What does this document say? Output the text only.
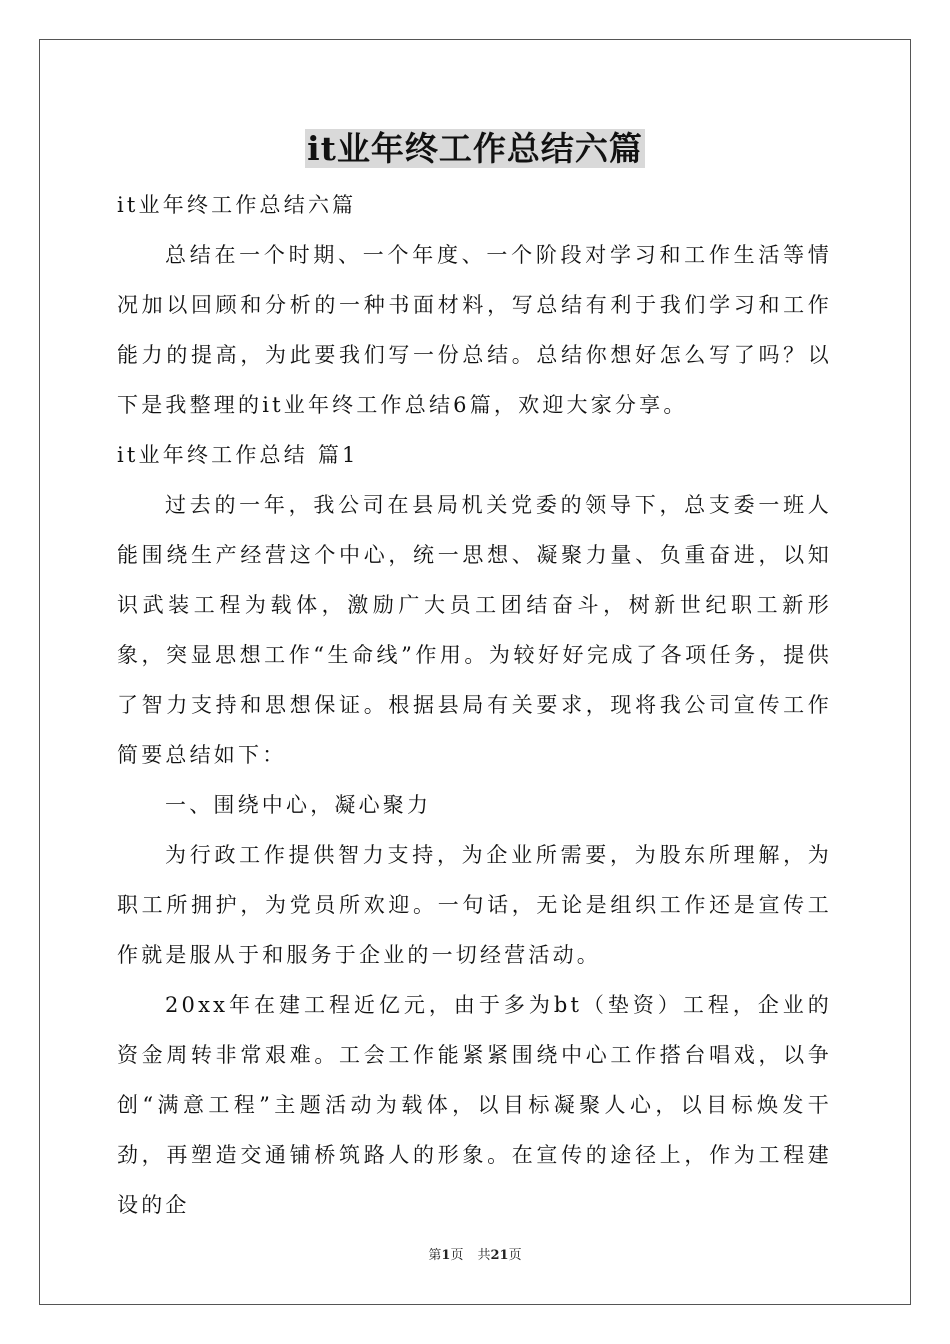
it业年终工作总结六篇

it业年终工作总结六篇

总结在一个时期、一个年度、一个阶段对学习和工作生活等情况加以回顾和分析的一种书面材料，写总结有利于我们学习和工作能力的提高，为此要我们写一份总结。总结你想好怎么写了吗？以下是我整理的it业年终工作总结6篇，欢迎大家分享。

it业年终工作总结 篇1

过去的一年，我公司在县局机关党委的领导下，总支委一班人能围绕生产经营这个中心，统一思想、凝聚力量、负重奋进，以知识武装工程为载体，激励广大员工团结奋斗，树新世纪职工新形象，突显思想工作“生命线”作用。为较好好完成了各项任务，提供了智力支持和思想保证。根据县局有关要求，现将我公司宣传工作简要总结如下：

一、围绕中心，凝心聚力

为行政工作提供智力支持，为企业所需要，为股东所理解，为职工所拥护，为党员所欢迎。一句话，无论是组织工作还是宣传工作就是服从于和服务于企业的一切经营活动。

20xx年在建工程近亿元，由于多为bt（垫资）工程，企业的资金周转非常艰难。工会工作能紧紧围绕中心工作搭台唱戏，以争创“满意工程”主题活动为载体，以目标凝聚人心，以目标焕发干劲，再塑造交通铺桥筑路人的形象。在宣传的途径上，作为工程建设的企

第1页 共21页
